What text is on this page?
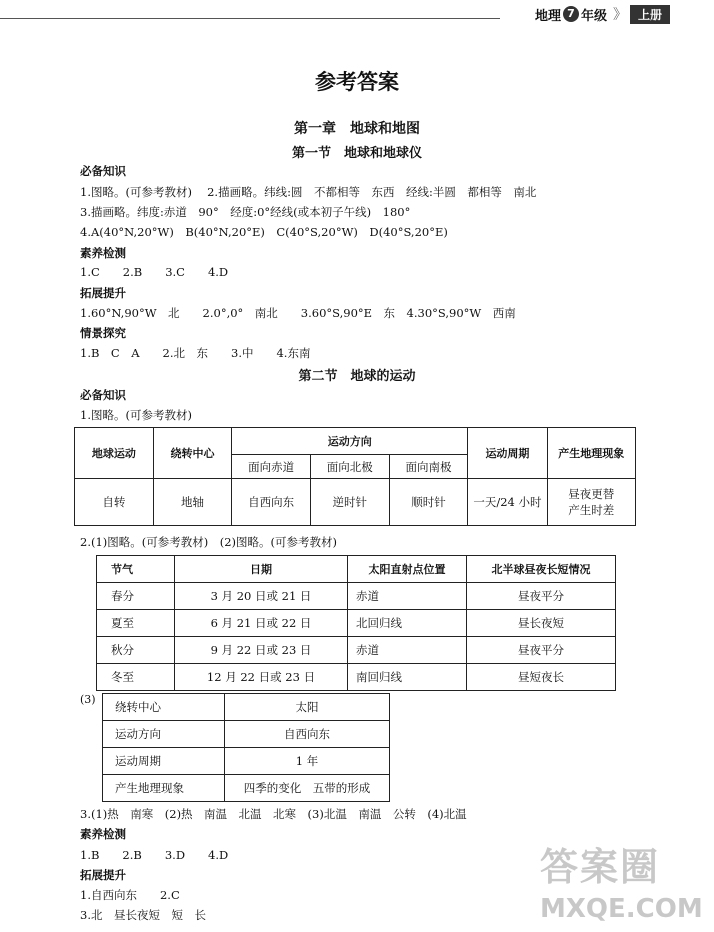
地理 7 年级 》	上册
参考答案
第一章　地球和地图
第一节　地球和地球仪
必备知识
1.图略。(可参考教材)　 2.描画略。纬线:圆　不都相等　东西　经线:半圆　都相等　南北
3.描画略。纬度:赤道　90°　经度:0°经线(或本初子午线)　180°
4.A(40°N,20°W)　B(40°N,20°E)　C(40°S,20°W)　D(40°S,20°E)
素养检测
1.C　　2.B　　3.C　　4.D
拓展提升
1.60°N,90°W　北　　2.0°,0°　南北　　3.60°S,90°E　东　4.30°S,90°W　西南
情景探究
1.B　C　A　　2.北　东　　3.中　　4.东南
第二节　地球的运动
必备知识
1.图略。(可参考教材)
地球运动	绕转中心	运动方向			运动周期	产生地理现象
		面向赤道	面向北极	面向南极		
自转	地轴	自西向东	逆时针	顺时针	一天/24 小时	昼夜更替
产生时差
2.(1)图略。(可参考教材)　(2)图略。(可参考教材)
节气	日期	太阳直射点位置	北半球昼夜长短情况
春分	3 月 20 日或 21 日	赤道	昼夜平分
夏至	6 月 21 日或 22 日	北回归线	昼长夜短
秋分	9 月 22 日或 23 日	赤道	昼夜平分
冬至	12 月 22 日或 23 日	南回归线	昼短夜长
(3)
绕转中心	太阳
运动方向	自西向东
运动周期	1 年
产生地理现象	四季的变化　五带的形成
3.(1)热　南寒　(2)热　南温　北温　北寒　(3)北温　南温　公转　(4)北温
素养检测
1.B　　2.B　　3.D　　4.D
拓展提升
1.自西向东　　2.C
3.北　昼长夜短　短　长
答案圈
MXQE.COM
